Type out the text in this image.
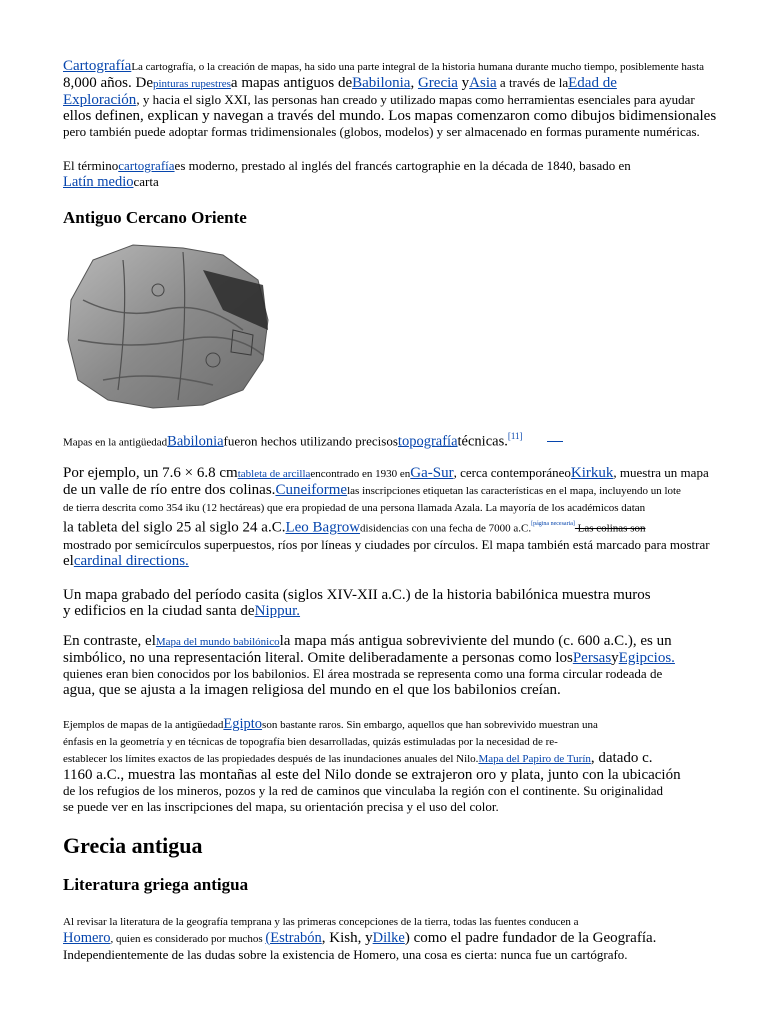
CartografíaLa cartografía, o la creación de mapas, ha sido una parte integral de la historia humana durante mucho tiempo, posiblemente hasta
8,000 años. Depinturas rupestresa mapas antiguos deBabilonia, Grecia yAsia a través de laEdad de
Exploración, y hacia el siglo XXI, las personas han creado y utilizado mapas como herramientas esenciales para ayudar
ellos definen, explican y navegan a través del mundo. Los mapas comenzaron como dibujos bidimensionales
pero también puede adoptar formas tridimensionales (globos, modelos) y ser almacenado en formas puramente numéricas.

El términocartografíaes moderno, prestado al inglés del francés cartographie en la década de 1840, basado en
Latín mediocarta

Antiguo Cercano Oriente

Mapas en la antigüedadBabiloniafueron hechos utilizando precisostopografíatécnicas.[11]

Por ejemplo, un 7.6 × 6.8 cmtableta de arcillaencontrado en 1930 enGa-Sur, cerca contemporáneoKirkuk, muestra un mapa
de un valle de río entre dos colinas.Cuneiformelas inscripciones etiquetan las características en el mapa, incluyendo un lote
de tierra descrita como 354 iku (12 hectáreas) que era propiedad de una persona llamada Azala. La mayoría de los académicos datan
la tableta del siglo 25 al siglo 24 a.C.Leo Bagrowdisidencias con una fecha de 7000 a.C.[página necesaria] Las colinas son
mostrado por semicírculos superpuestos, ríos por líneas y ciudades por círculos. El mapa también está marcado para mostrar
elcardinal directions.

Un mapa grabado del período casita (siglos XIV-XII a.C.) de la historia babilónica muestra muros
y edificios en la ciudad santa deNippur.

En contraste, elMapa del mundo babilónicola mapa más antigua sobreviviente del mundo (c. 600 a.C.), es un
simbólico, no una representación literal. Omite deliberadamente a personas como losPersasyEgipcios.
quienes eran bien conocidos por los babilonios. El área mostrada se representa como una forma circular rodeada de
agua, que se ajusta a la imagen religiosa del mundo en el que los babilonios creían.

Ejemplos de mapas de la antigüedadEgiptoson bastante raros. Sin embargo, aquellos que han sobrevivido muestran una
énfasis en la geometría y en técnicas de topografía bien desarrolladas, quizás estimuladas por la necesidad de re-
establecer los límites exactos de las propiedades después de las inundaciones anuales del Nilo.Mapa del Papiro de Turín, datado c.
1160 a.C., muestra las montañas al este del Nilo donde se extrajeron oro y plata, junto con la ubicación
de los refugios de los mineros, pozos y la red de caminos que vinculaba la región con el continente. Su originalidad
se puede ver en las inscripciones del mapa, su orientación precisa y el uso del color.

Grecia antigua
Literatura griega antigua

Al revisar la literatura de la geografía temprana y las primeras concepciones de la tierra, todas las fuentes conducen a
Homero, quien es considerado por muchos (Estrabón, Kish, yDilke) como el padre fundador de la Geografía.
Independientemente de las dudas sobre la existencia de Homero, una cosa es cierta: nunca fue un cartógrafo.
